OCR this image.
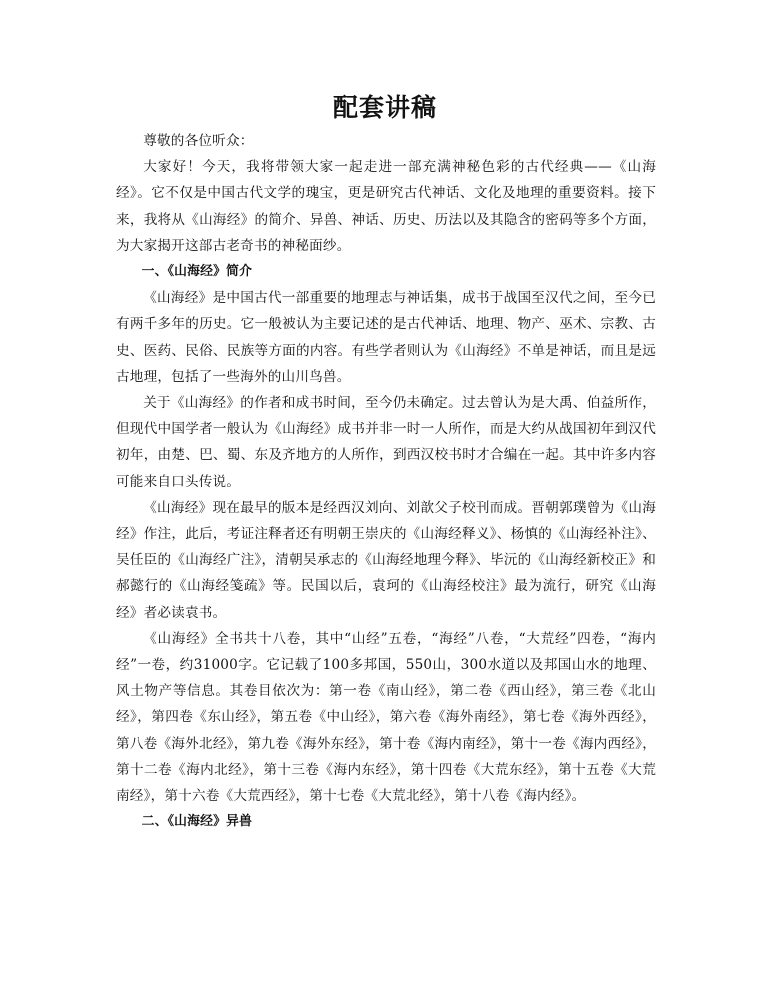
配套讲稿

尊敬的各位听众：

大家好！今天，我将带领大家一起走进一部充满神秘色彩的古代经典——《山海经》。它不仅是中国古代文学的瑰宝，更是研究古代神话、文化及地理的重要资料。接下来，我将从《山海经》的简介、异兽、神话、历史、历法以及其隐含的密码等多个方面，为大家揭开这部古老奇书的神秘面纱。

一、《山海经》简介

《山海经》是中国古代一部重要的地理志与神话集，成书于战国至汉代之间，至今已有两千多年的历史。它一般被认为主要记述的是古代神话、地理、物产、巫术、宗教、古史、医药、民俗、民族等方面的内容。有些学者则认为《山海经》不单是神话，而且是远古地理，包括了一些海外的山川鸟兽。

关于《山海经》的作者和成书时间，至今仍未确定。过去曾认为是大禹、伯益所作，但现代中国学者一般认为《山海经》成书并非一时一人所作，而是大约从战国初年到汉代初年，由楚、巴、蜀、东及齐地方的人所作，到西汉校书时才合编在一起。其中许多内容可能来自口头传说。

《山海经》现在最早的版本是经西汉刘向、刘歆父子校刊而成。晋朝郭璞曾为《山海经》作注，此后，考证注释者还有明朝王崇庆的《山海经释义》、杨慎的《山海经补注》、吴任臣的《山海经广注》，清朝吴承志的《山海经地理今释》、毕沅的《山海经新校正》和郝懿行的《山海经笺疏》等。民国以后，袁珂的《山海经校注》最为流行，研究《山海经》者必读袁书。

《山海经》全书共十八卷，其中“山经”五卷，“海经”八卷，“大荒经”四卷，“海内经”一卷，约31000字。它记载了100多邦国，550山，300水道以及邦国山水的地理、风土物产等信息。其卷目依次为：第一卷《南山经》，第二卷《西山经》，第三卷《北山经》，第四卷《东山经》，第五卷《中山经》，第六卷《海外南经》，第七卷《海外西经》，第八卷《海外北经》，第九卷《海外东经》，第十卷《海内南经》，第十一卷《海内西经》，第十二卷《海内北经》，第十三卷《海内东经》，第十四卷《大荒东经》，第十五卷《大荒南经》，第十六卷《大荒西经》，第十七卷《大荒北经》，第十八卷《海内经》。

二、《山海经》异兽
